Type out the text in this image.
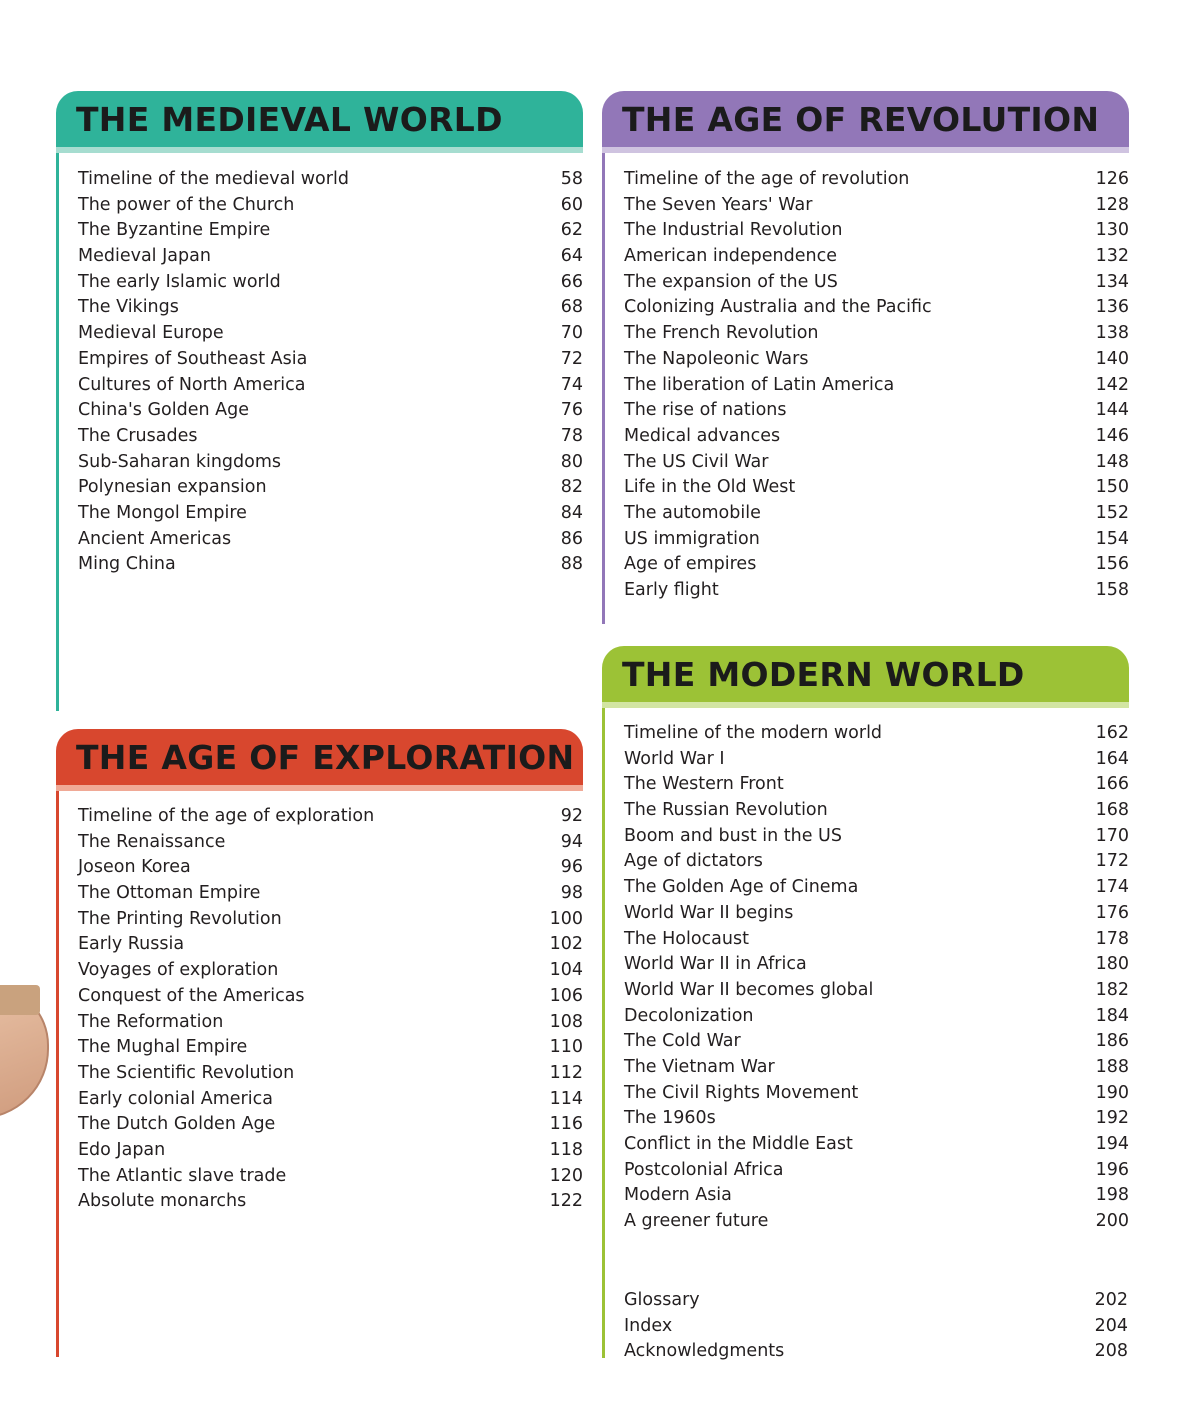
THE MEDIEVAL WORLD
Timeline of the medieval world	58
The power of the Church	60
The Byzantine Empire	62
Medieval Japan	64
The early Islamic world	66
The Vikings	68
Medieval Europe	70
Empires of Southeast Asia	72
Cultures of North America	74
China's Golden Age	76
The Crusades	78
Sub-Saharan kingdoms	80
Polynesian expansion	82
The Mongol Empire	84
Ancient Americas	86
Ming China	88
THE AGE OF REVOLUTION
Timeline of the age of revolution	126
The Seven Years' War	128
The Industrial Revolution	130
American independence	132
The expansion of the US	134
Colonizing Australia and the Pacific	136
The French Revolution	138
The Napoleonic Wars	140
The liberation of Latin America	142
The rise of nations	144
Medical advances	146
The US Civil War	148
Life in the Old West	150
The automobile	152
US immigration	154
Age of empires	156
Early flight	158
THE AGE OF EXPLORATION
Timeline of the age of exploration	92
The Renaissance	94
Joseon Korea	96
The Ottoman Empire	98
The Printing Revolution	100
Early Russia	102
Voyages of exploration	104
Conquest of the Americas	106
The Reformation	108
The Mughal Empire	110
The Scientific Revolution	112
Early colonial America	114
The Dutch Golden Age	116
Edo Japan	118
The Atlantic slave trade	120
Absolute monarchs	122
THE MODERN WORLD
Timeline of the modern world	162
World War I	164
The Western Front	166
The Russian Revolution	168
Boom and bust in the US	170
Age of dictators	172
The Golden Age of Cinema	174
World War II begins	176
The Holocaust	178
World War II in Africa	180
World War II becomes global	182
Decolonization	184
The Cold War	186
The Vietnam War	188
The Civil Rights Movement	190
The 1960s	192
Conflict in the Middle East	194
Postcolonial Africa	196
Modern Asia	198
A greener future	200
Glossary	202
Index	204
Acknowledgments	208
